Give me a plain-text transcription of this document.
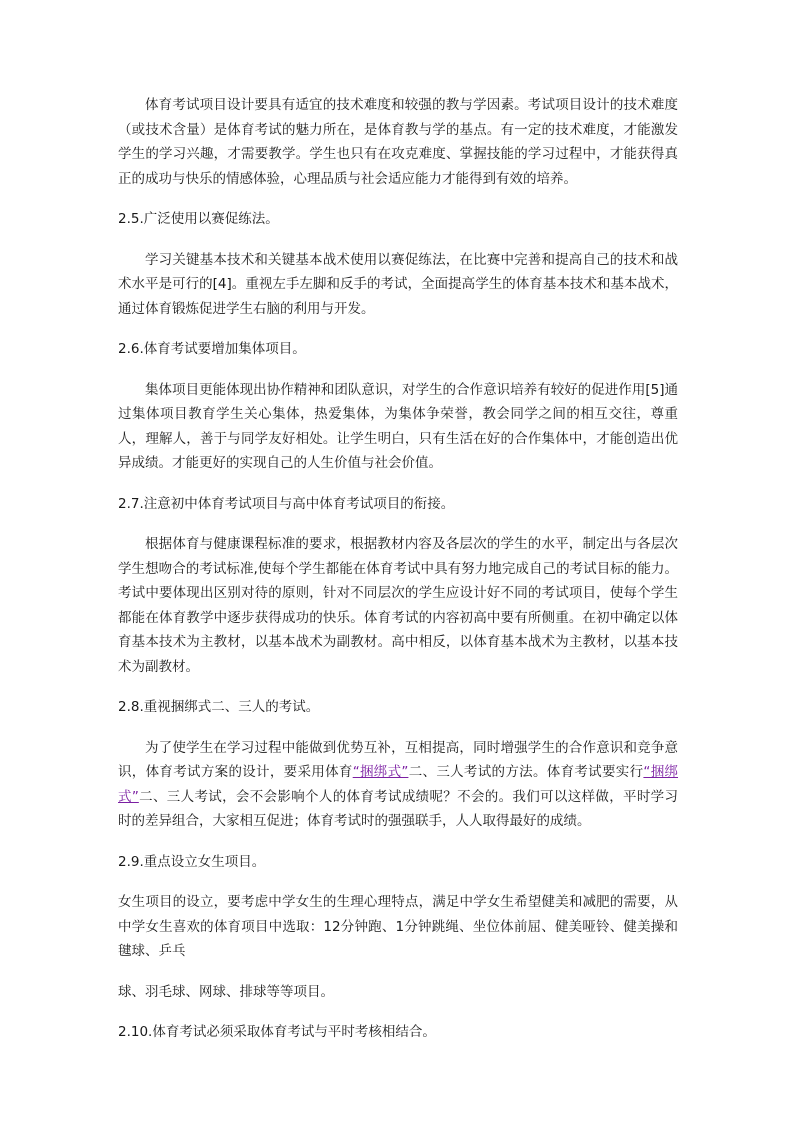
体育考试项目设计要具有适宜的技术难度和较强的教与学因素。考试项目设计的技术难度（或技术含量）是体育考试的魅力所在，是体育教与学的基点。有一定的技术难度，才能激发学生的学习兴趣，才需要教学。学生也只有在攻克难度、掌握技能的学习过程中，才能获得真正的成功与快乐的情感体验，心理品质与社会适应能力才能得到有效的培养。

2.5.广泛使用以赛促练法。

学习关键基本技术和关键基本战术使用以赛促练法，在比赛中完善和提高自己的技术和战术水平是可行的[4]。重视左手左脚和反手的考试，全面提高学生的体育基本技术和基本战术，通过体育锻炼促进学生右脑的利用与开发。

2.6.体育考试要增加集体项目。

集体项目更能体现出协作精神和团队意识，对学生的合作意识培养有较好的促进作用[5]通过集体项目教育学生关心集体，热爱集体，为集体争荣誉，教会同学之间的相互交往，尊重人，理解人，善于与同学友好相处。让学生明白，只有生活在好的合作集体中，才能创造出优异成绩。才能更好的实现自己的人生价值与社会价值。

2.7.注意初中体育考试项目与高中体育考试项目的衔接。

根据体育与健康课程标准的要求，根据教材内容及各层次的学生的水平，制定出与各层次学生想吻合的考试标准,使每个学生都能在体育考试中具有努力地完成自己的考试目标的能力。考试中要体现出区别对待的原则，针对不同层次的学生应设计好不同的考试项目，使每个学生都能在体育教学中逐步获得成功的快乐。体育考试的内容初高中要有所侧重。在初中确定以体育基本技术为主教材，以基本战术为副教材。高中相反，以体育基本战术为主教材，以基本技术为副教材。

2.8.重视捆绑式二、三人的考试。

为了使学生在学习过程中能做到优势互补，互相提高，同时增强学生的合作意识和竞争意识，体育考试方案的设计，要采用体育“捆绑式”二、三人考试的方法。体育考试要实行“捆绑式”二、三人考试，会不会影响个人的体育考试成绩呢？不会的。我们可以这样做，平时学习时的差异组合，大家相互促进；体育考试时的强强联手，人人取得最好的成绩。

2.9.重点设立女生项目。

女生项目的设立，要考虑中学女生的生理心理特点，满足中学女生希望健美和减肥的需要，从中学女生喜欢的体育项目中选取：12分钟跑、1分钟跳绳、坐位体前屈、健美哑铃、健美操和毽球、乒乓

球、羽毛球、网球、排球等等项目。

2.10.体育考试必须采取体育考试与平时考核相结合。
